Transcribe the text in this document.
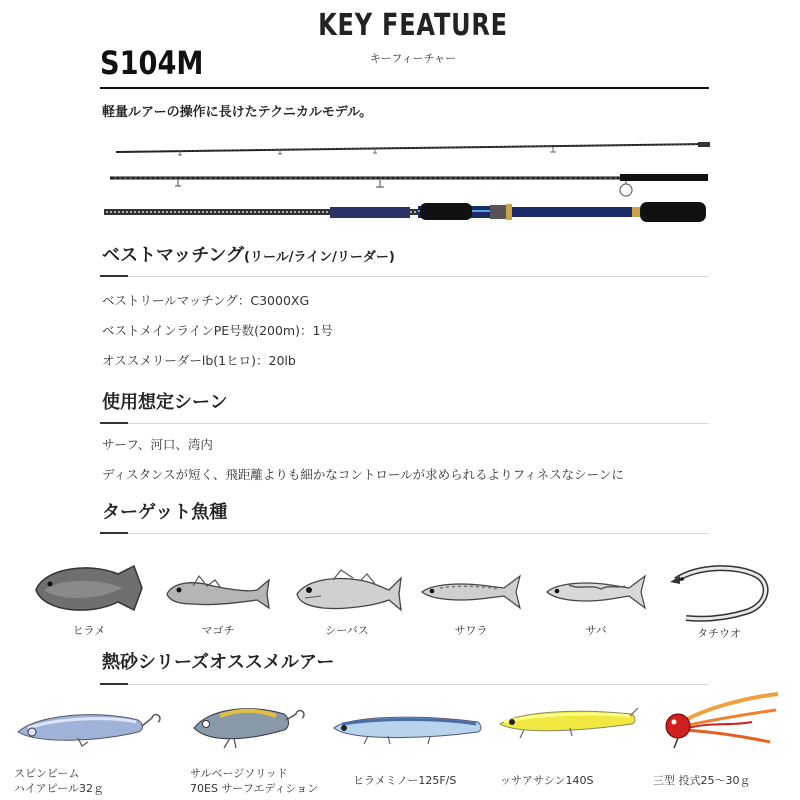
KEY FEATURE
キーフィーチャー
S104M
軽量ルアーの操作に長けたテクニカルモデル。
ベストマッチング(リール/ライン/リーダー)
ベストリールマッチング：C3000XG
ベストメインラインPE号数(200m)：1号
オススメリーダーlb(1ヒロ)：20lb
使用想定シーン
サーフ、河口、湾内
ディスタンスが短く、飛距離よりも細かなコントロールが求められるよりフィネスなシーンに
ターゲット魚種
ヒラメ	マゴチ	シーバス	サワラ	サバ	タチウオ
熱砂シリーズオススメルアー
スピンビーム
ハイアピール32ｇ
サルベージソリッド
70ES サーフエディション
ヒラメミノー125F/S	ッサアサシン140S	三型 投式25～30ｇ
